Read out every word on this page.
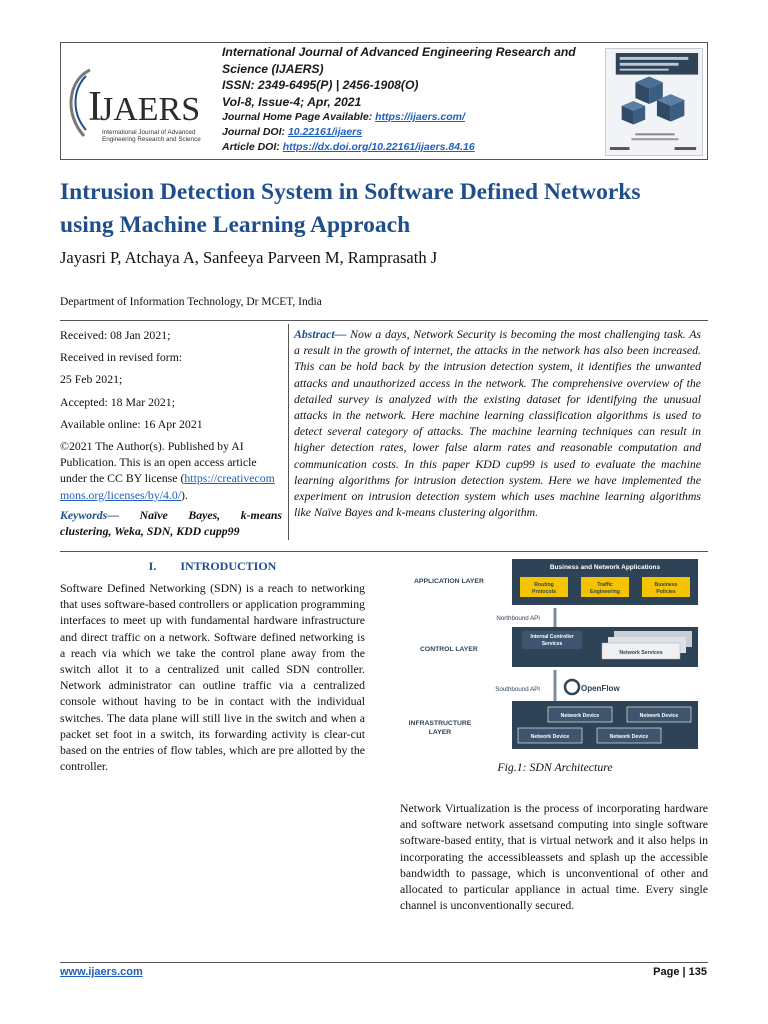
I
JAERS
International Journal of Advanced
Engineering Research and Science
International Journal of Advanced Engineering Research and
Science (IJAERS)
ISSN: 2349-6495(P) | 2456-1908(O)
Vol-8, Issue-4; Apr, 2021
Journal Home Page Available: https://ijaers.com/
Journal DOI: 10.22161/ijaers
Article DOI: https://dx.doi.org/10.22161/ijaers.84.16
Intrusion Detection System in Software Defined Networks
using Machine Learning Approach
Jayasri P, Atchaya A, Sanfeeya Parveen M, Ramprasath J
Department of Information Technology, Dr MCET, India

Received: 08 Jan 2021;

Received in revised form:

25 Feb 2021;

Accepted: 18 Mar 2021;

Available online: 16 Apr 2021

©2021 The Author(s). Published by AI Publication. This is an open access article under the CC BY license (https://creativecommons.org/licenses/by/4.0/).

Keywords— Naïve Bayes, k-means clustering, Weka, SDN, KDD cupp99

Abstract— Now a days, Network Security is becoming the most challenging task. As a result in the growth of internet, the attacks in the network has also been increased. This can be hold back by the intrusion detection system, it identifies the unwanted attacks and unauthorized access in the network. The comprehensive overview of the detailed survey is analyzed with the existing dataset for identifying the unusual attacks in the network. Here machine learning classification algorithms is used to detect several category of attacks. The machine learning techniques can result in higher detection rates, lower false alarm rates and reasonable computation and communication costs. In this paper KDD cup99 is used to evaluate the machine learning algorithms for intrusion detection system. Here we have implemented the experiment on intrusion detection system which uses machine learning algorithms like Naïve Bayes and k-means clustering algorithm.
I.        INTRODUCTION

Software Defined Networking (SDN) is a reach to networking that uses software-based controllers or application programming interfaces to meet up with fundamental hardware infrastructure and direct traffic on a network. Software defined networking is a reach via which we take the control plane away from the switch allot it to a centralized unit called SDN controller. Network administrator can outline traffic via a centralized console without having to be in contact with the individual switches. The data plane will still live in the switch and when a packet set foot in a switch, its forwarding activity is clear-cut based on the entries of flow tables, which are pre allotted by the controller.

APPLICATION LAYER
Business and Network Applications
Routing
Protocols
Traffic
Engineering
Business
Policies
Northbound API
CONTROL LAYER
Internal Controller
Services
Network Services
Southbound API	OpenFlow
INFRASTRUCTURE
LAYER
Network Device	Network Device
Network Device	Network Device
Fig.1: SDN Architecture

Network Virtualization is the process of incorporating hardware and software network assetsand computing into single software software-based entity, that is virtual network and it also helps in incorporating the accessibleassets and splash up the accessible bandwidth to passage, which is unconventional of other and allocated to particular appliance in actual time. Every single channel is unconventionally secured.

www.ijaers.com	Page | 135
